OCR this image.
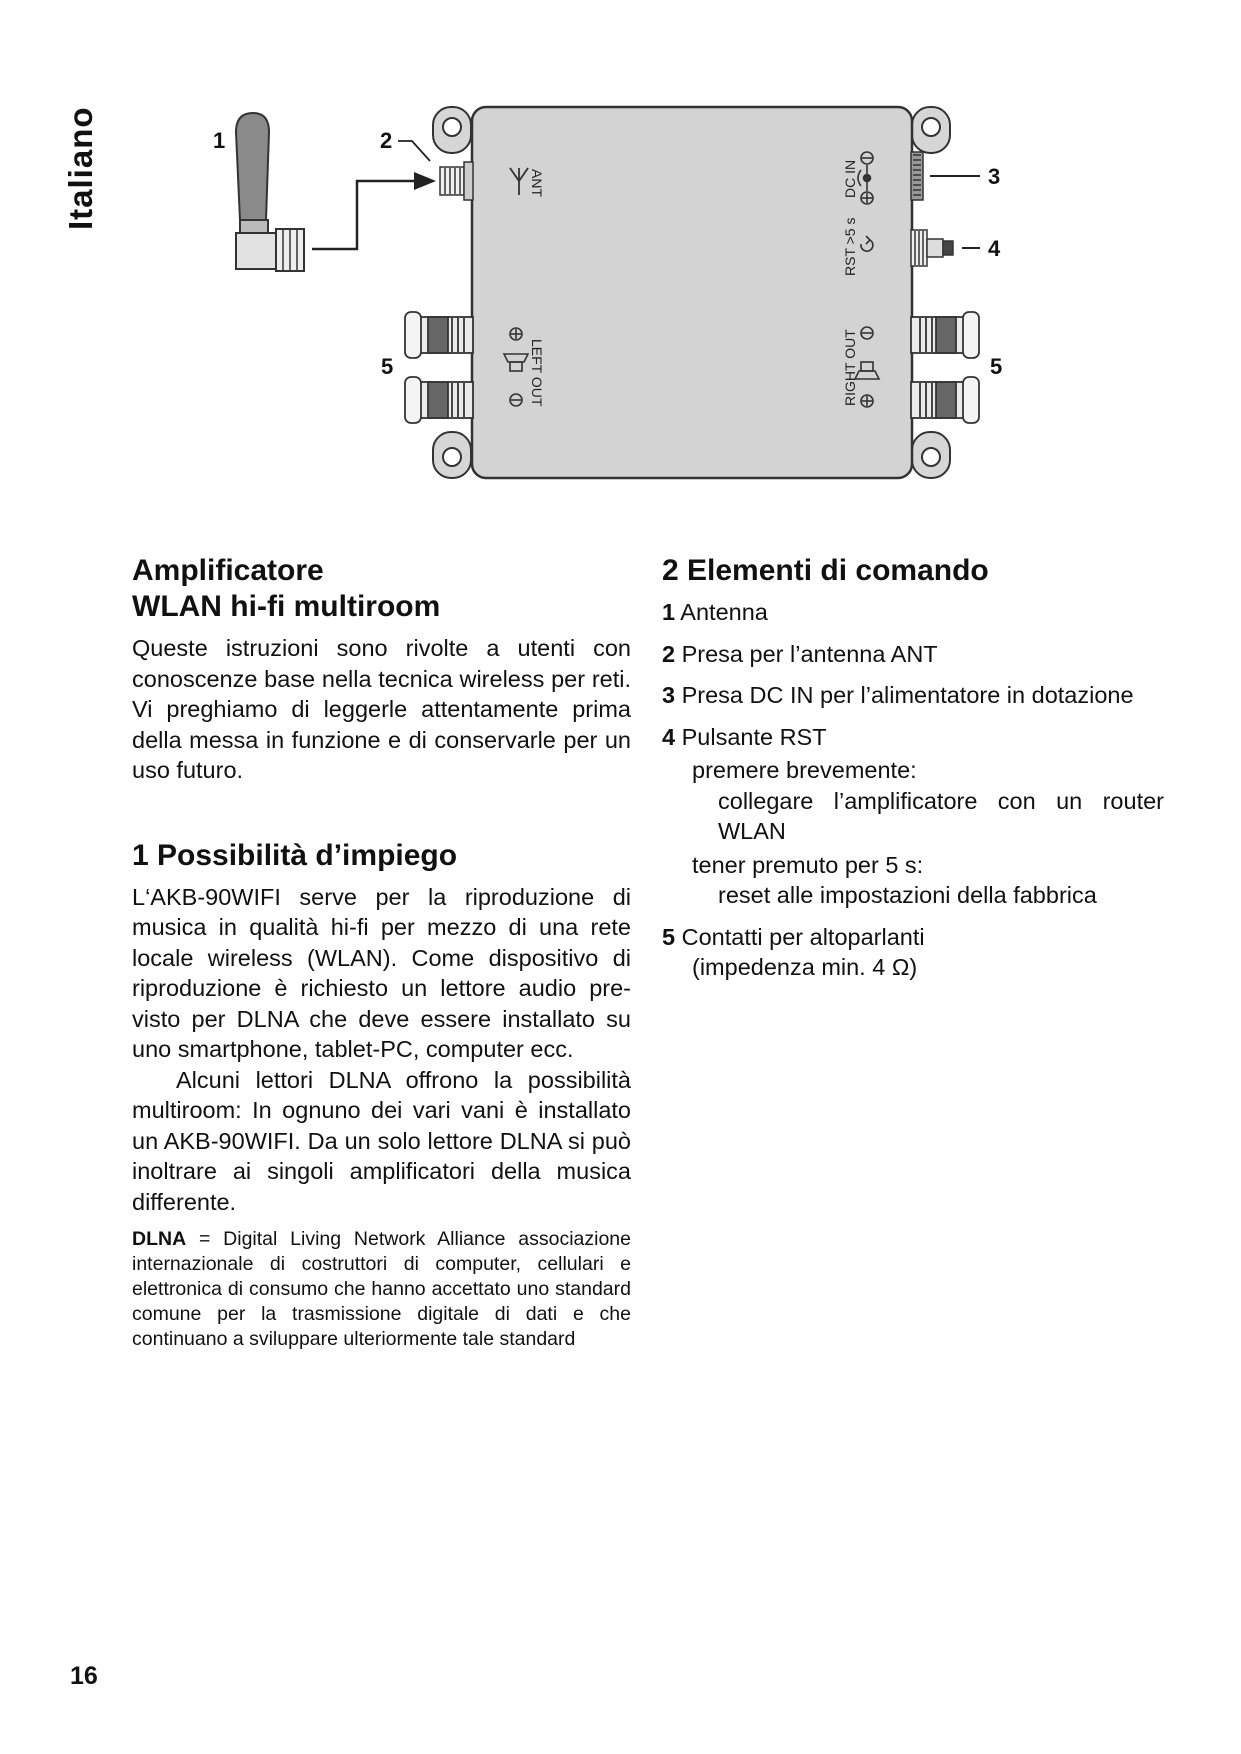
Italiano	ANT	DC IN
RST >5 s
LEFT OUT	RIGHT OUT
1	2
3
4
5	5
Amplificatore
WLAN hi-fi multiroom

Queste istruzioni sono rivolte a utenti con conoscenze base nella tecnica wireless per reti. Vi preghiamo di leggerle attentamente prima della messa in funzione e di conservarle per un uso futuro.

1 Possibilità d’impiego

L‘AKB-90WIFI serve per la riproduzione di musica in qualità hi-fi per mezzo di una rete locale wireless (WLAN). Come dispositivo di riproduzione è richiesto un lettore audio previsto per DLNA che deve essere installato su uno smartphone, tablet-PC, computer ecc.

Alcuni lettori DLNA offrono la possibilità multiroom: In ognuno dei vari vani è installato un AKB-90WIFI. Da un solo lettore DLNA si può inoltrare ai singoli amplificatori della musica differente.

DLNA = Digital Living Network Alliance associazione internazionale di costruttori di computer, cellulari e elettronica di consumo che hanno accettato uno standard comune per la trasmissione digitale di dati e che continuano a sviluppare ulteriormente tale standard
2 Elementi di comando

1 Antenna

2 Presa per l’antenna ANT

3 Presa DC IN per l’alimentatore in dotazione

4 Pulsante RST

premere brevemente:

collegare l’amplificatore con un router WLAN

tener premuto per 5 s:

reset alle impostazioni della fabbrica

5 Contatti per altoparlanti

(impedenza min. 4 Ω)

16
